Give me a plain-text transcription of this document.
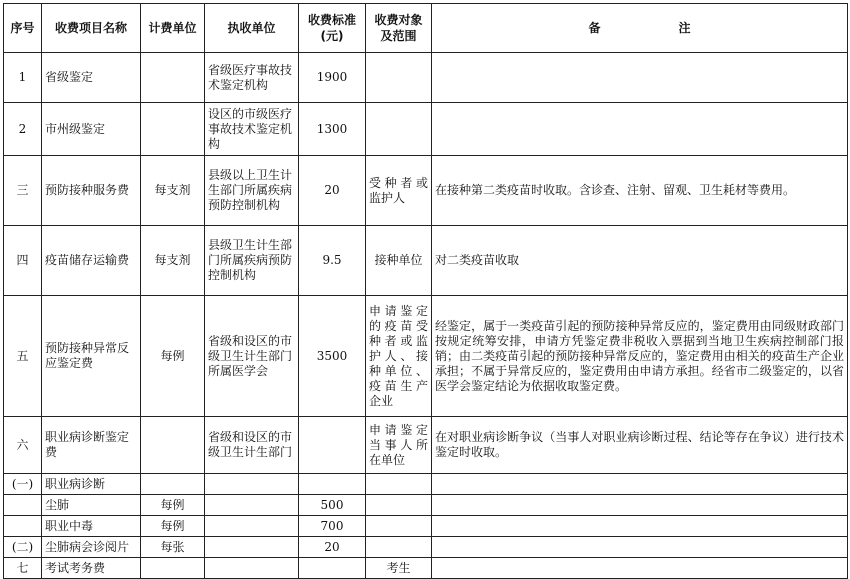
序号	收费项目名称	计费单位	执收单位	收费标准(元)	收费对象及范围	备 注
1	省级鉴定		省级医疗事故技术鉴定机构	1900		
2	市州级鉴定		设区的市级医疗事故技术鉴定机构	1300		
三	预防接种服务费	每支剂	县级以上卫生计生部门所属疾病预防控制机构	20	受种者或监护人	在接种第二类疫苗时收取。含诊查、注射、留观、卫生耗材等费用。
四	疫苗储存运输费	每支剂	县级卫生计生部门所属疾病预防控制机构	9.5	接种单位	对二类疫苗收取
五	预防接种异常反应鉴定费	每例	省级和设区的市级卫生计生部门所属医学会	3500	申请鉴定的疫苗受种者或监护人、接种单位、疫苗生产企业	经鉴定，属于一类疫苗引起的预防接种异常反应的，鉴定费用由同级财政部门按规定统筹安排，申请方凭鉴定费非税收入票据到当地卫生疾病控制部门报销；由二类疫苗引起的预防接种异常反应的，鉴定费用由相关的疫苗生产企业承担；不属于异常反应的，鉴定费用由申请方承担。经省市二级鉴定的，以省医学会鉴定结论为依据收取鉴定费。
六	职业病诊断鉴定费		省级和设区的市级卫生计生部门		申请鉴定当事人所在单位	在对职业病诊断争议（当事人对职业病诊断过程、结论等存在争议）进行技术鉴定时收取。
(一)	职业病诊断					
	尘肺	每例		500		
	职业中毒	每例		700		
(二)	尘肺病会诊阅片	每张		20		
七	考试考务费				考生	
